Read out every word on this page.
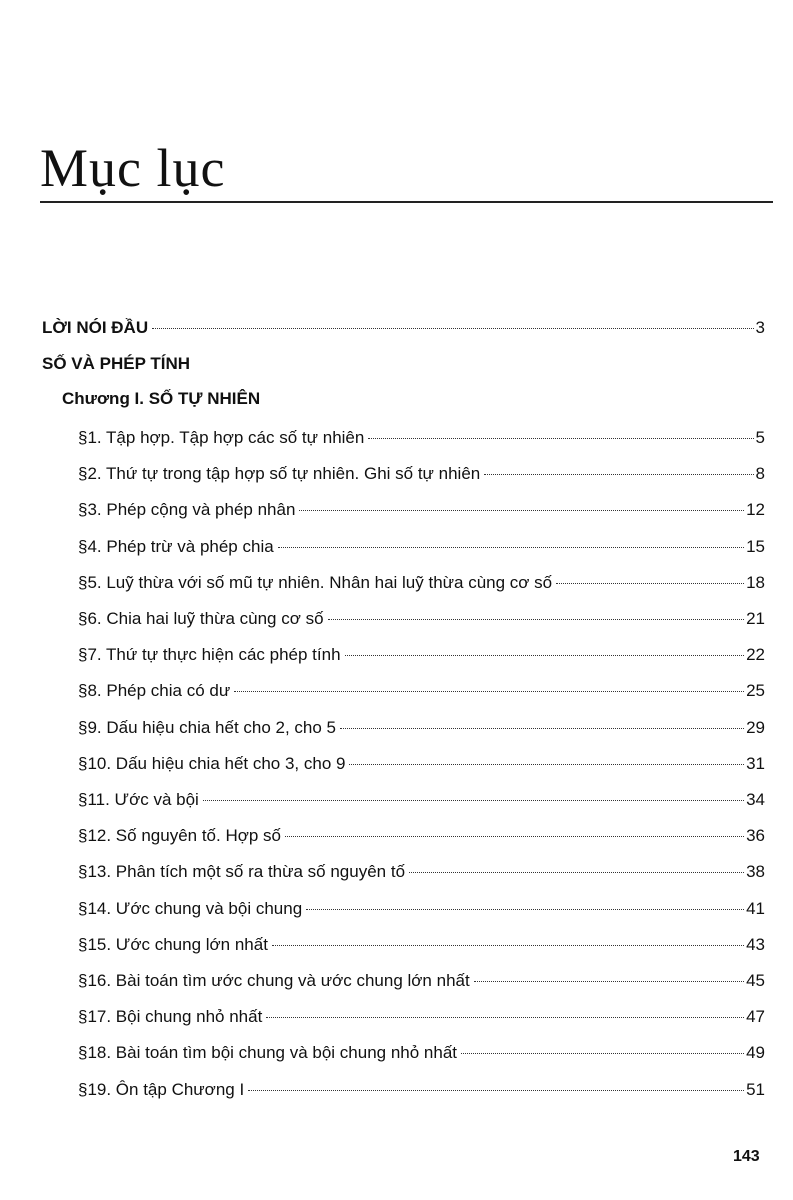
Mục lục
LỜI NÓI ĐẦU	3
SỐ VÀ PHÉP TÍNH
Chương I. SỐ TỰ NHIÊN
§1. Tập hợp. Tập hợp các số tự nhiên	5
§2. Thứ tự trong tập hợp số tự nhiên. Ghi số tự nhiên	8
§3. Phép cộng và phép nhân	12
§4. Phép trừ và phép chia	15
§5. Luỹ thừa với số mũ tự nhiên. Nhân hai luỹ thừa cùng cơ số	18
§6. Chia hai luỹ thừa cùng cơ số	21
§7. Thứ tự thực hiện các phép tính	22
§8. Phép chia có dư	25
§9. Dấu hiệu chia hết cho 2, cho 5	29
§10. Dấu hiệu chia hết cho 3, cho 9	31
§11. Ước và bội	34
§12. Số nguyên tố. Hợp số	36
§13. Phân tích một số ra thừa số nguyên tố	38
§14. Ước chung và bội chung	41
§15. Ước chung lớn nhất	43
§16. Bài toán tìm ước chung và ước chung lớn nhất	45
§17. Bội chung nhỏ nhất	47
§18. Bài toán tìm bội chung và bội chung nhỏ nhất	49
§19. Ôn tập Chương I	51
143
